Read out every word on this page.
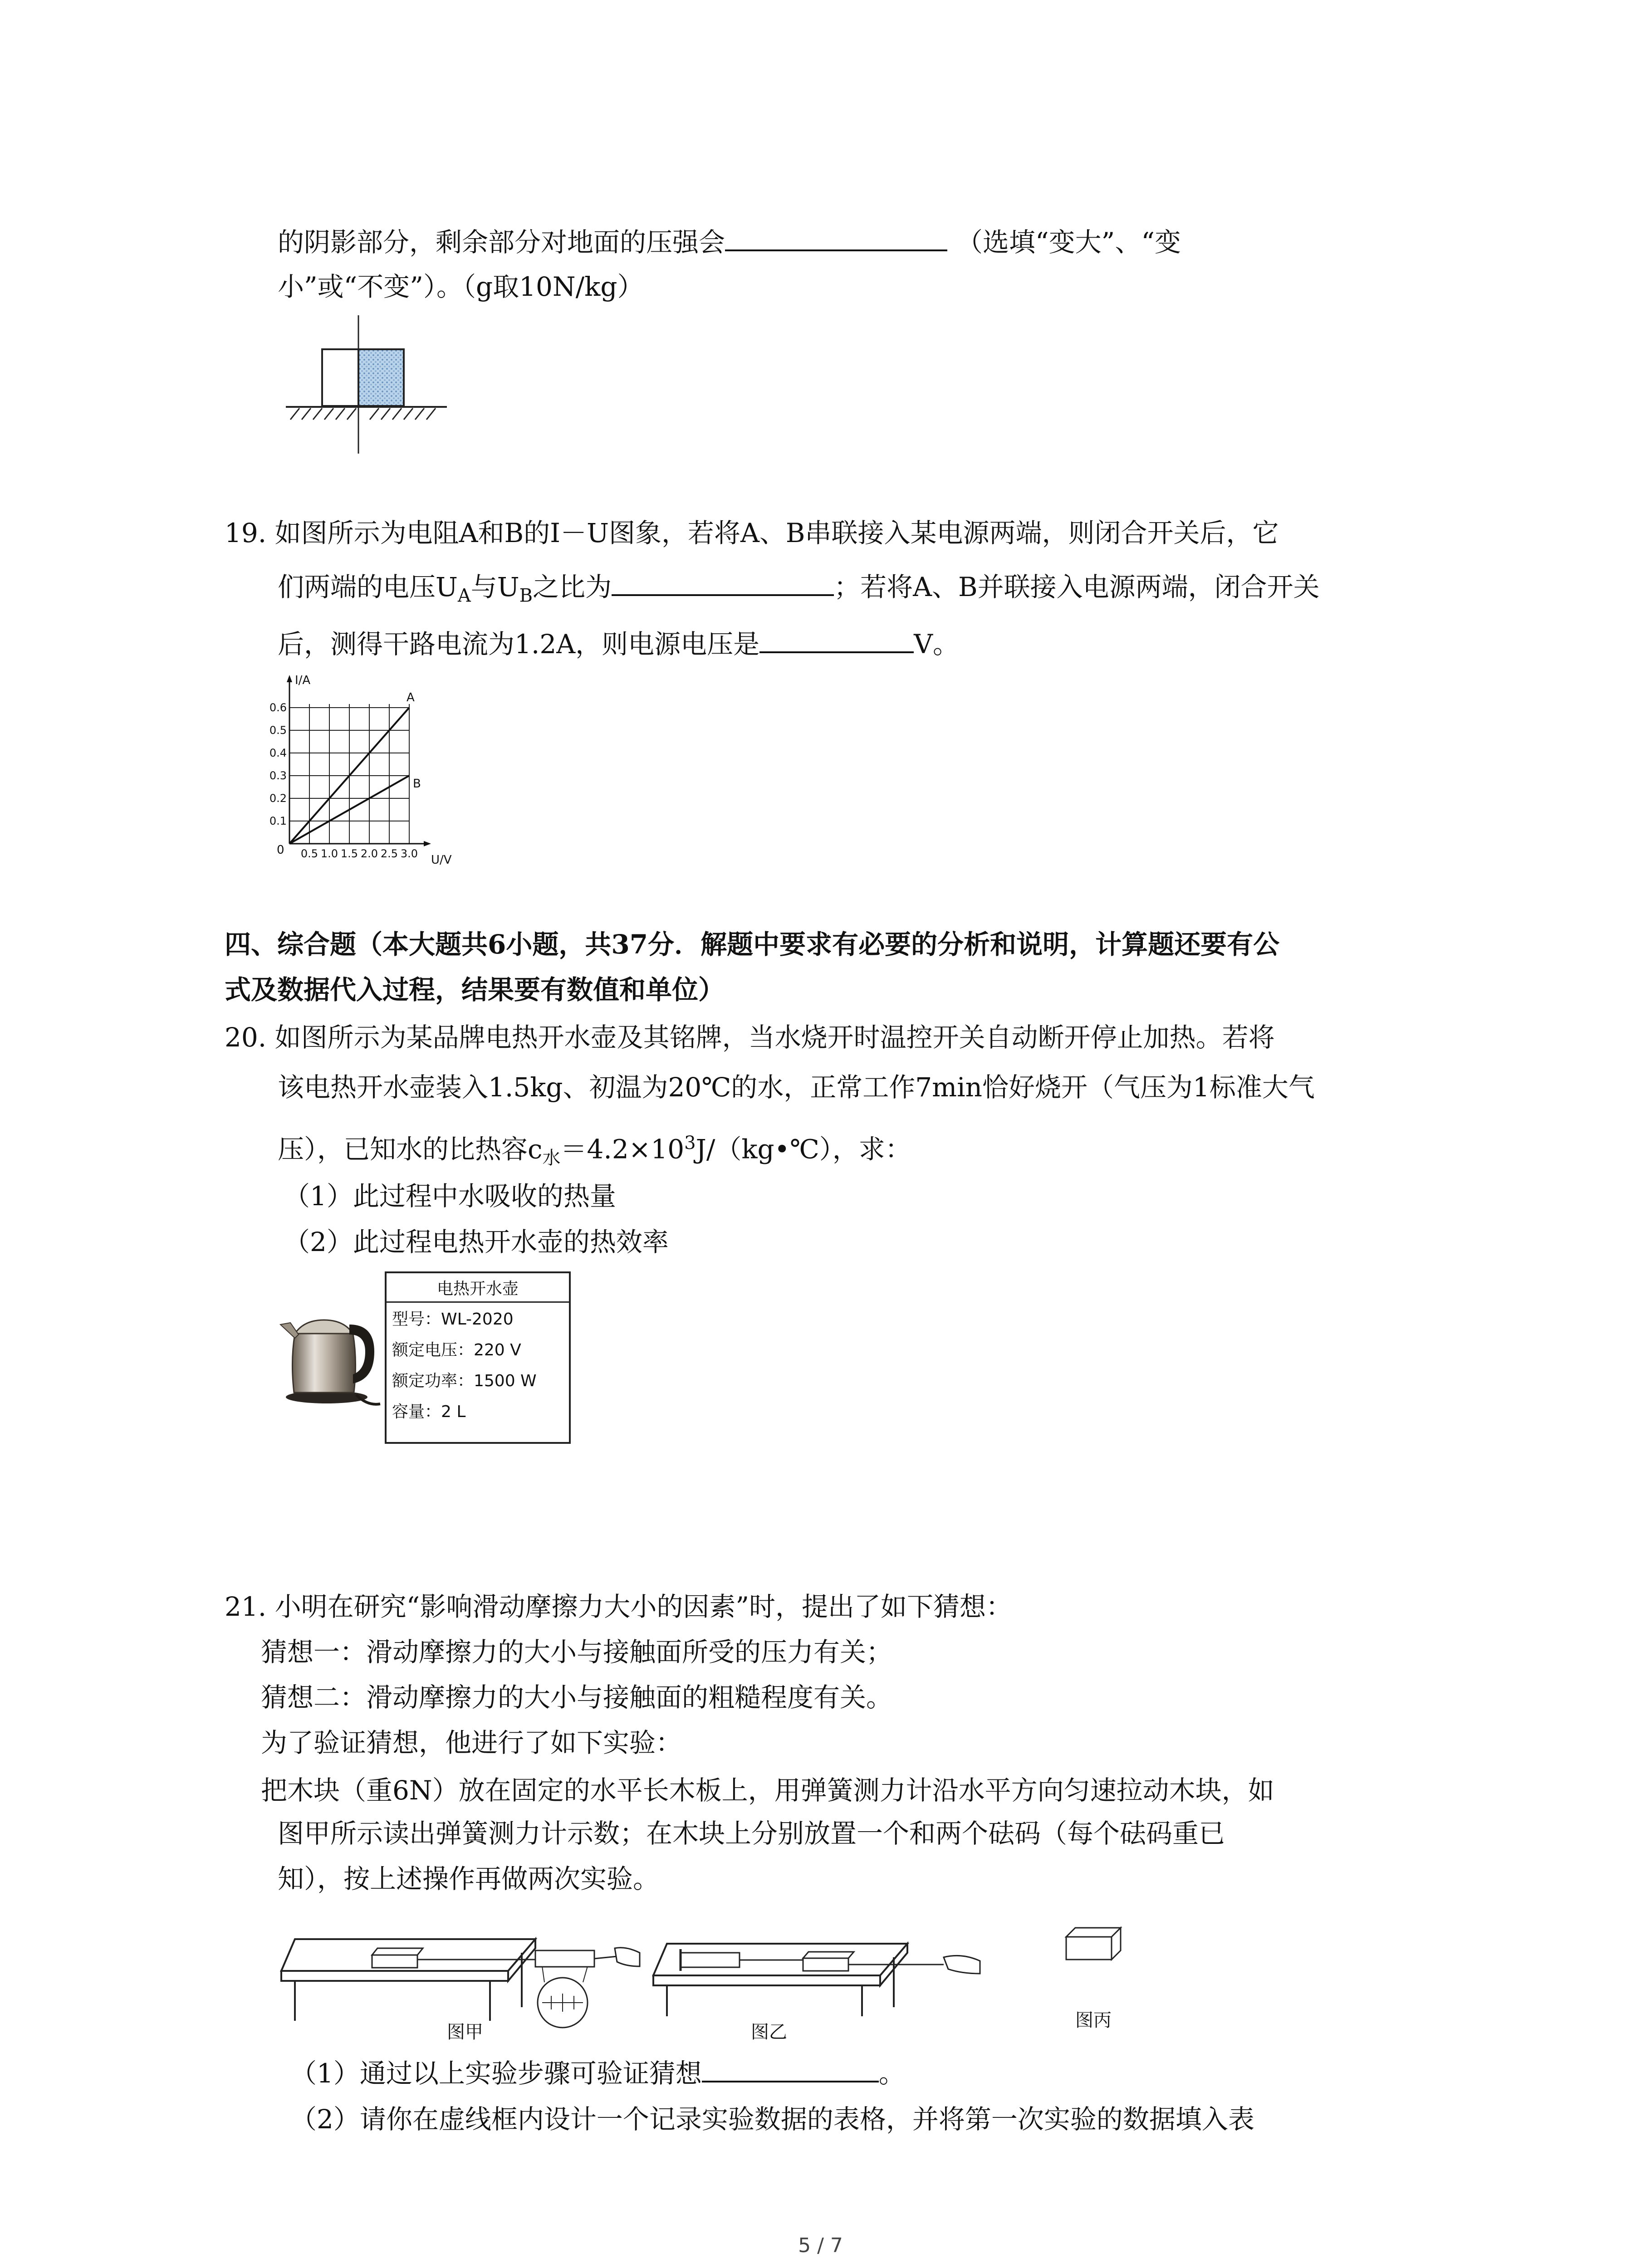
的阴影部分，剩余部分对地面的压强会	（选填“变大”、“变
小”或“不变”）。（g取10N/kg）
19. 如图所示为电阻A和B的I－U图象，若将A、B串联接入某电源两端，则闭合开关后，它
们两端的电压$U_A$与$U_B$之比为	；若将A、B并联接入电源两端，闭合开关
后，测得干路电流为1.2A，则电源电压是	V。
I/A
U/V
0
A
B
0.1
0.2
0.3
0.4
0.5
0.6
0.5 1.0 1.5 2.0 2.5 3.0
四、综合题（本大题共6小题，共37分．解题中要求有必要的分析和说明，计算题还要有公
式及数据代入过程，结果要有数值和单位）
20. 如图所示为某品牌电热开水壶及其铭牌，当水烧开时温控开关自动断开停止加热。若将
该电热开水壶装入1.5kg、初温为20℃的水，正常工作7min恰好烧开（气压为1标准大气
压），已知水的比热容$c_水=4.2\times 10^3J/(kg•℃)$，求：
（1）此过程中水吸收的热量
（2）此过程电热开水壶的热效率
电热开水壶
型号：WL-2020
额定电压：220 V
额定功率：1500 W
容量：2 L
21. 小明在研究“影响滑动摩擦力大小的因素”时，提出了如下猜想：
猜想一：滑动摩擦力的大小与接触面所受的压力有关；
猜想二：滑动摩擦力的大小与接触面的粗糙程度有关。
为了验证猜想，他进行了如下实验：
把木块（重6N）放在固定的水平长木板上，用弹簧测力计沿水平方向匀速拉动木块，如
图甲所示读出弹簧测力计示数；在木块上分别放置一个和两个砝码（每个砝码重已
知），按上述操作再做两次实验。
图甲	图乙
图丙
（1）通过以上实验步骤可验证猜想	。
（2）请你在虚线框内设计一个记录实验数据的表格，并将第一次实验的数据填入表
5 / 7
